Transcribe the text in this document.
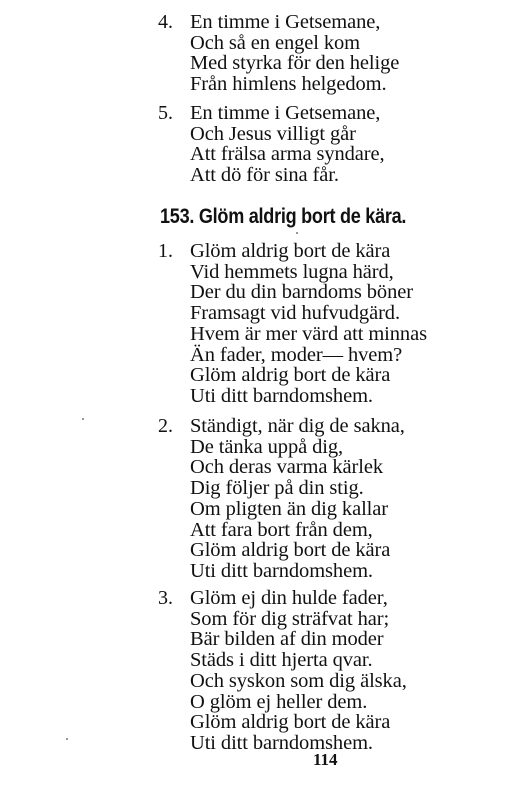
4. En timme i Getsemane,
Och så en engel kom
Med styrka för den helige
Från himlens helgedom.
5. En timme i Getsemane,
Och Jesus villigt går
Att frälsa arma syndare,
Att dö för sina får.
153. Glöm aldrig bort de kära.
1. Glöm aldrig bort de kära
Vid hemmets lugna härd,
Der du din barndoms böner
Framsagt vid hufvudgärd.
Hvem är mer värd att minnas
Än fader, moder— hvem?
Glöm aldrig bort de kära
Uti ditt barndomshem.
2. Ständigt, när dig de sakna,
De tänka uppå dig,
Och deras varma kärlek
Dig följer på din stig.
Om pligten än dig kallar
Att fara bort från dem,
Glöm aldrig bort de kära
Uti ditt barndomshem.
3. Glöm ej din hulde fader,
Som för dig sträfvat har;
Bär bilden af din moder
Städs i ditt hjerta qvar.
Och syskon som dig älska,
O glöm ej heller dem.
Glöm aldrig bort de kära
Uti ditt barndomshem.
114
